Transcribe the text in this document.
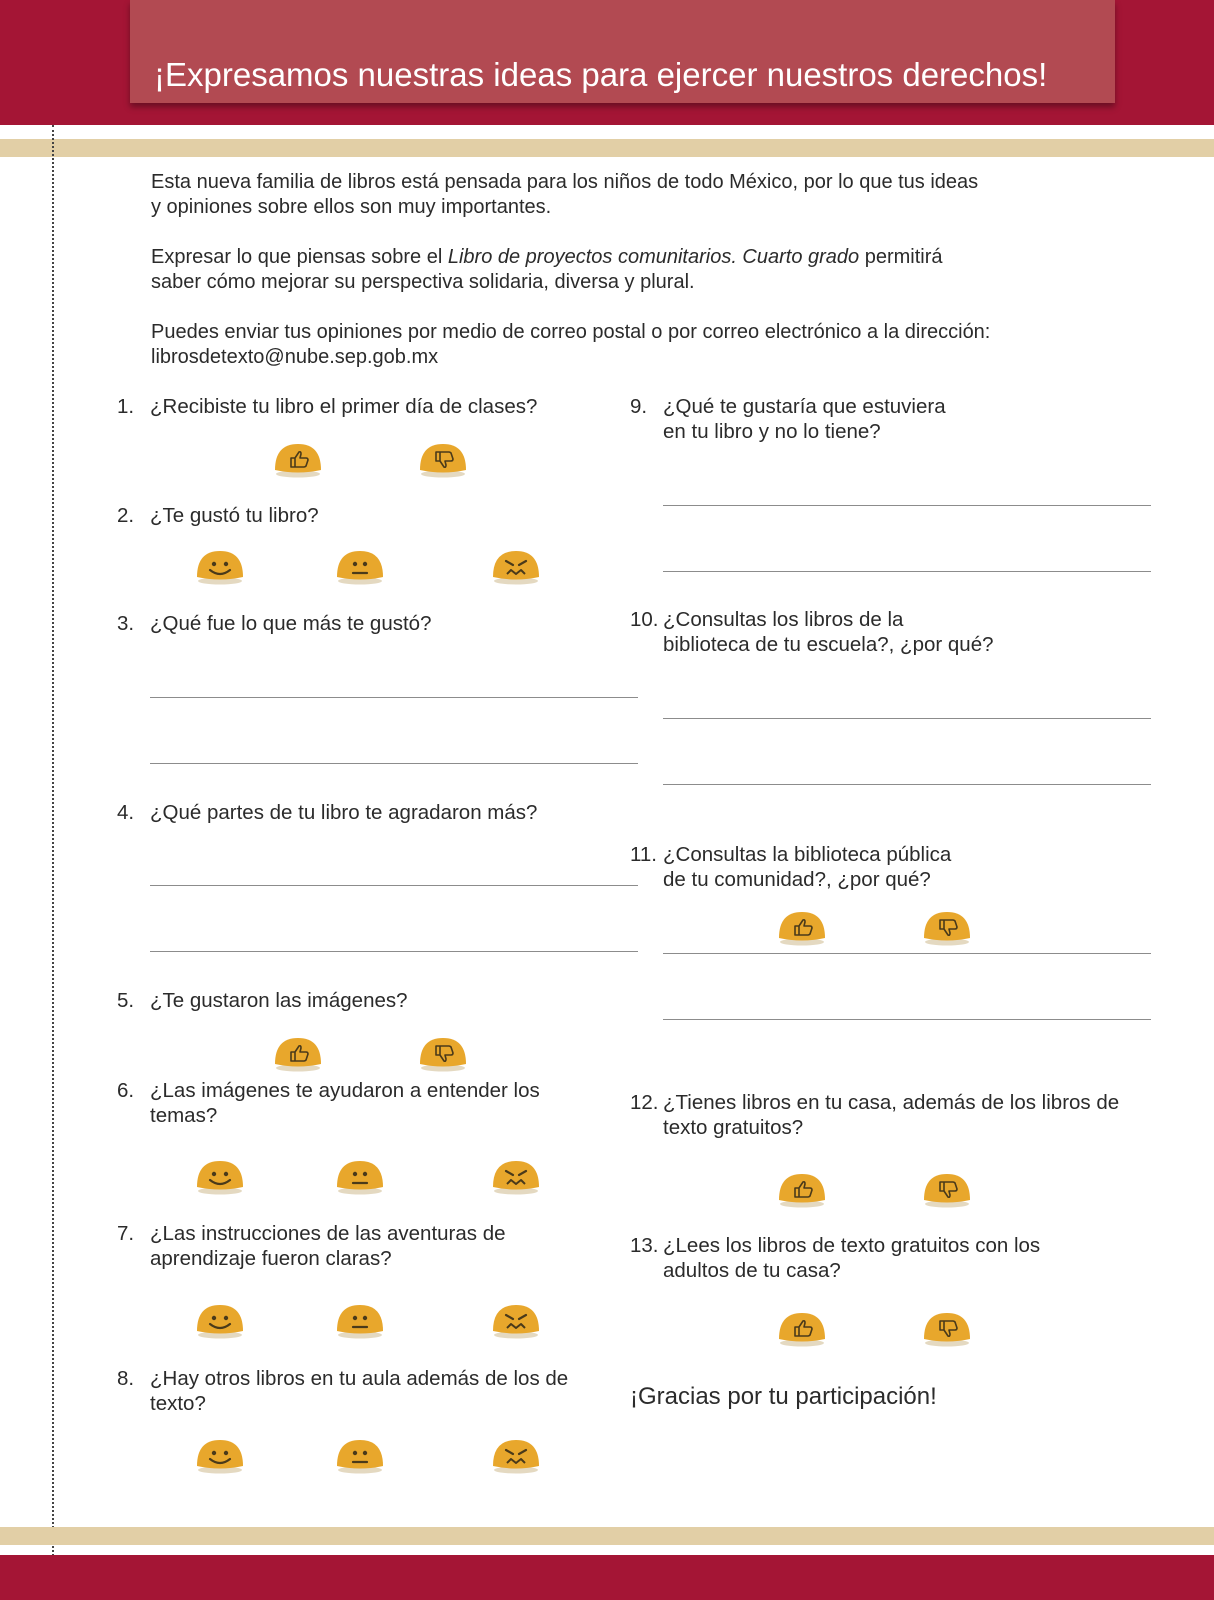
¡Expresamos nuestras ideas para ejercer nuestros derechos!

Esta nueva familia de libros está pensada para los niños de todo México, por lo que tus ideas
y opiniones sobre ellos son muy importantes.

Expresar lo que piensas sobre el Libro de proyectos comunitarios. Cuarto grado permitirá
saber cómo mejorar su perspectiva solidaria, diversa y plural.

Puedes enviar tus opiniones por medio de correo postal o por correo electrónico a la dirección:
librosdetexto@nube.sep.gob.mx

1. ¿Recibiste tu libro el primer día de clases?
2. ¿Te gustó tu libro?
3. ¿Qué fue lo que más te gustó?
4. ¿Qué partes de tu libro te agradaron más?
5. ¿Te gustaron las imágenes?
6. ¿Las imágenes te ayudaron a entender los
temas?
7. ¿Las instrucciones de las aventuras de
aprendizaje fueron claras?
8. ¿Hay otros libros en tu aula además de los de
texto?
9. ¿Qué te gustaría que estuviera
en tu libro y no lo tiene?
10. ¿Consultas los libros de la
biblioteca de tu escuela?, ¿por qué?
11. ¿Consultas la biblioteca pública
de tu comunidad?, ¿por qué?
12. ¿Tienes libros en tu casa, además de los libros de
texto gratuitos?
13. ¿Lees los libros de texto gratuitos con los
adultos de tu casa?

¡Gracias por tu participación!
